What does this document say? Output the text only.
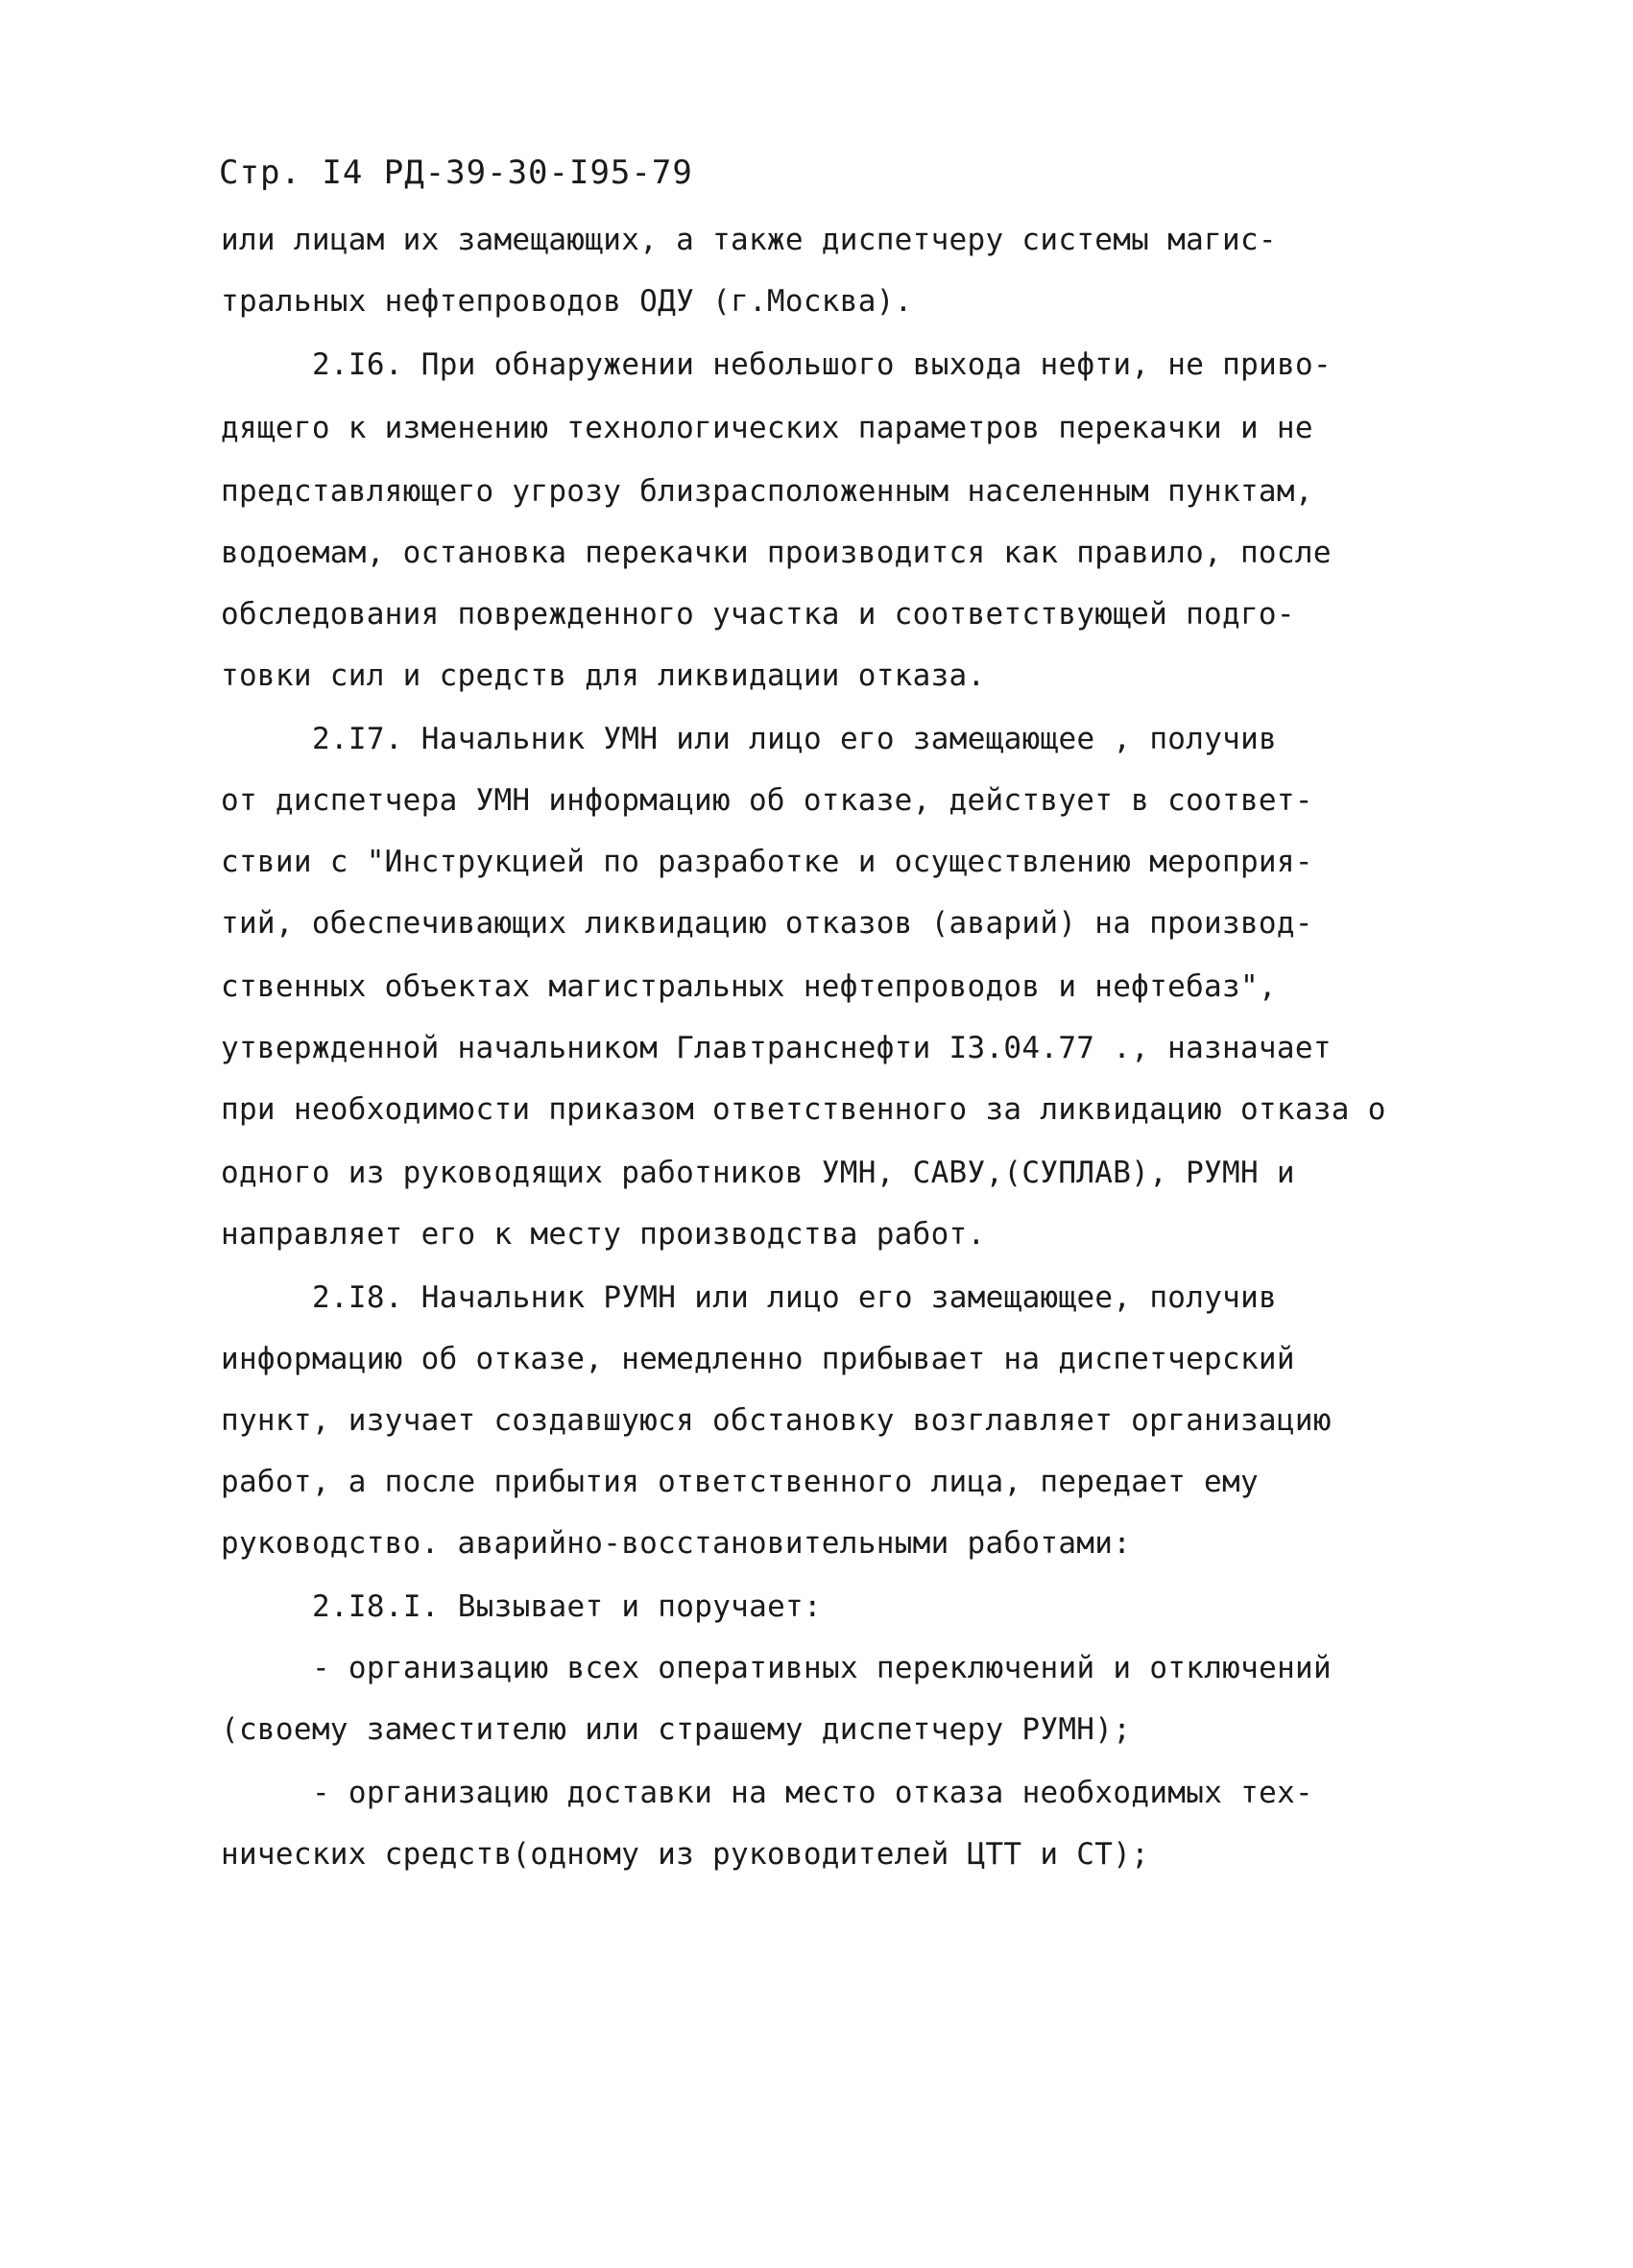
Стр. I4 РД-39-30-I95-79
или лицам их замещающих, а также диспетчеру системы магис-
тральных нефтепроводов ОДУ (г.Москва).
2.I6. При обнаружении небольшого выхода нефти, не приво-
дящего к изменению технологических параметров перекачки и не
представляющего угрозу близрасположенным населенным пунктам,
водоемам, остановка перекачки производится как правило, после
обследования поврежденного участка и соответствующей подго-
товки сил и средств для ликвидации отказа.
2.I7. Начальник УМН или лицо его замещающее , получив
от диспетчера УМН информацию об отказе, действует в соответ-
ствии с "Инструкцией по разработке и осуществлению мероприя-
тий, обеспечивающих ликвидацию отказов (аварий) на производ-
ственных объектах магистральных нефтепроводов и нефтебаз",
утвержденной начальником Главтранснефти I3.04.77 ., назначает
при необходимости приказом ответственного за ликвидацию отказа о
одного из руководящих работников УМН, САВУ,(СУПЛАВ), РУМН и
направляет его к месту производства работ.
2.I8. Начальник РУМН или лицо его замещающее, получив
информацию об отказе, немедленно прибывает на диспетчерский
пункт, изучает создавшуюся обстановку возглавляет организацию
работ, а после прибытия ответственного лица, передает ему
руководство. аварийно-восстановительными работами:
2.I8.I. Вызывает и поручает:
- организацию всех оперативных переключений и отключений
(своему заместителю или страшему диспетчеру РУМН);
- организацию доставки на место отказа необходимых тех-
нических средств(одному из руководителей ЦТТ и СТ);
